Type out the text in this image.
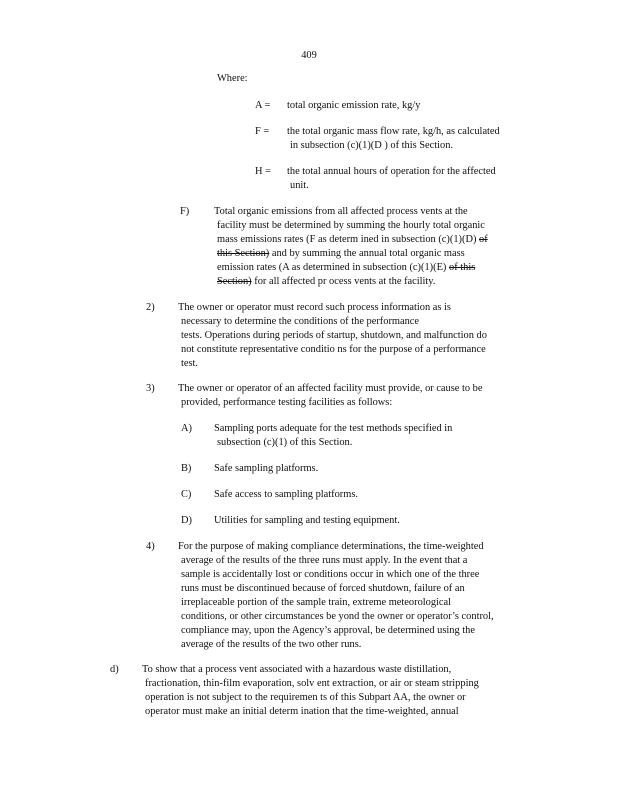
409
Where:
A = total organic emission rate, kg/y
F = the total organic mass flow rate, kg/h, as calculated
in subsection (c)(1)(D ) of this Section.
H = the total annual hours of operation for the affected
unit.
F) Total organic emissions from all affected process vents at the
facility must be determined by summing the hourly total organic
mass emissions rates (F as determ ined in subsection (c)(1)(D) of
this Section) and by summing the annual total organic mass
emission rates (A as determined in subsection (c)(1)(E) of this
Section) for all affected pr ocess vents at the facility.
2) The owner or operator must record such process information as is
necessary to determine the conditions of the performance
tests. Operations during periods of startup, shutdown, and malfunction do
not constitute representative conditio ns for the purpose of a performance
test.
3) The owner or operator of an affected facility must provide, or cause to be
provided, performance testing facilities as follows:
A) Sampling ports adequate for the test methods specified in
subsection (c)(1) of this Section.
B) Safe sampling platforms.
C) Safe access to sampling platforms.
D) Utilities for sampling and testing equipment.
4) For the purpose of making compliance determinations, the time-weighted
average of the results of the three runs must apply. In the event that a
sample is accidentally lost or conditions occur in which one of the three
runs must be discontinued because of forced shutdown, failure of an
irreplaceable portion of the sample train, extreme meteorological
conditions, or other circumstances be yond the owner or operator’s control,
compliance may, upon the Agency’s approval, be determined using the
average of the results of the two other runs.
d) To show that a process vent associated with a hazardous waste distillation,
fractionation, thin-film evaporation, solv ent extraction, or air or steam stripping
operation is not subject to the requiremen ts of this Subpart AA, the owner or
operator must make an initial determ ination that the time-weighted, annual
